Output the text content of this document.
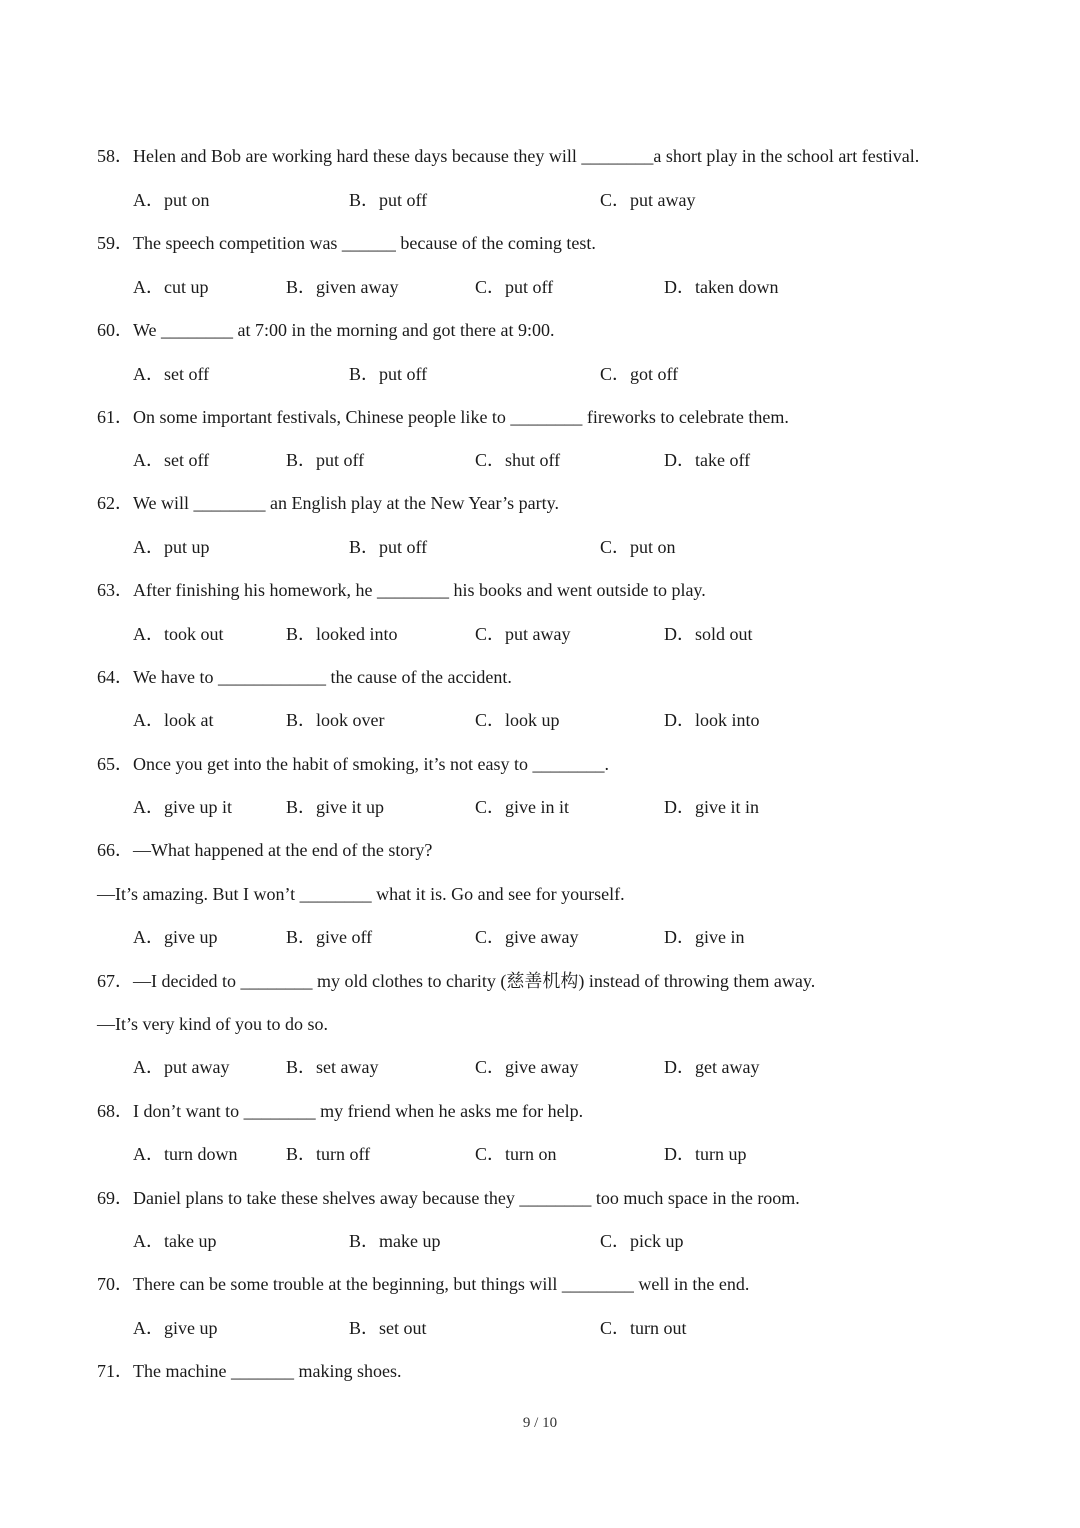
58．Helen and Bob are working hard these days because they will ________a short play in the school art festival.
A．put on	B．put off	C．put away
59．The speech competition was ______ because of the coming test.
A．cut up	B．given away	C．put off	D．taken down
60．We ________ at 7:00 in the morning and got there at 9:00.
A．set off	B．put off	C．got off
61．On some important festivals, Chinese people like to ________ fireworks to celebrate them.
A．set off	B．put off	C．shut off	D．take off
62．We will ________ an English play at the New Year’s party.
A．put up	B．put off	C．put on
63．After finishing his homework, he ________ his books and went outside to play.
A．took out	B．looked into	C．put away	D．sold out
64．We have to ____________ the cause of the accident.
A．look at	B．look over	C．look up	D．look into
65．Once you get into the habit of smoking, it’s not easy to ________.
A．give up it	B．give it up	C．give in it	D．give it in
66．—What happened at the end of the story?
—It’s amazing. But I won’t ________ what it is. Go and see for yourself.
A．give up	B．give off	C．give away	D．give in
67．—I decided to ________ my old clothes to charity (慈善机构) instead of throwing them away.
—It’s very kind of you to do so.
A．put away	B．set away	C．give away	D．get away
68．I don’t want to ________ my friend when he asks me for help.
A．turn down	B．turn off	C．turn on	D．turn up
69．Daniel plans to take these shelves away because they ________ too much space in the room.
A．take up	B．make up	C．pick up
70．There can be some trouble at the beginning, but things will ________ well in the end.
A．give up	B．set out	C．turn out
71．The machine _______ making shoes.
9 / 10
